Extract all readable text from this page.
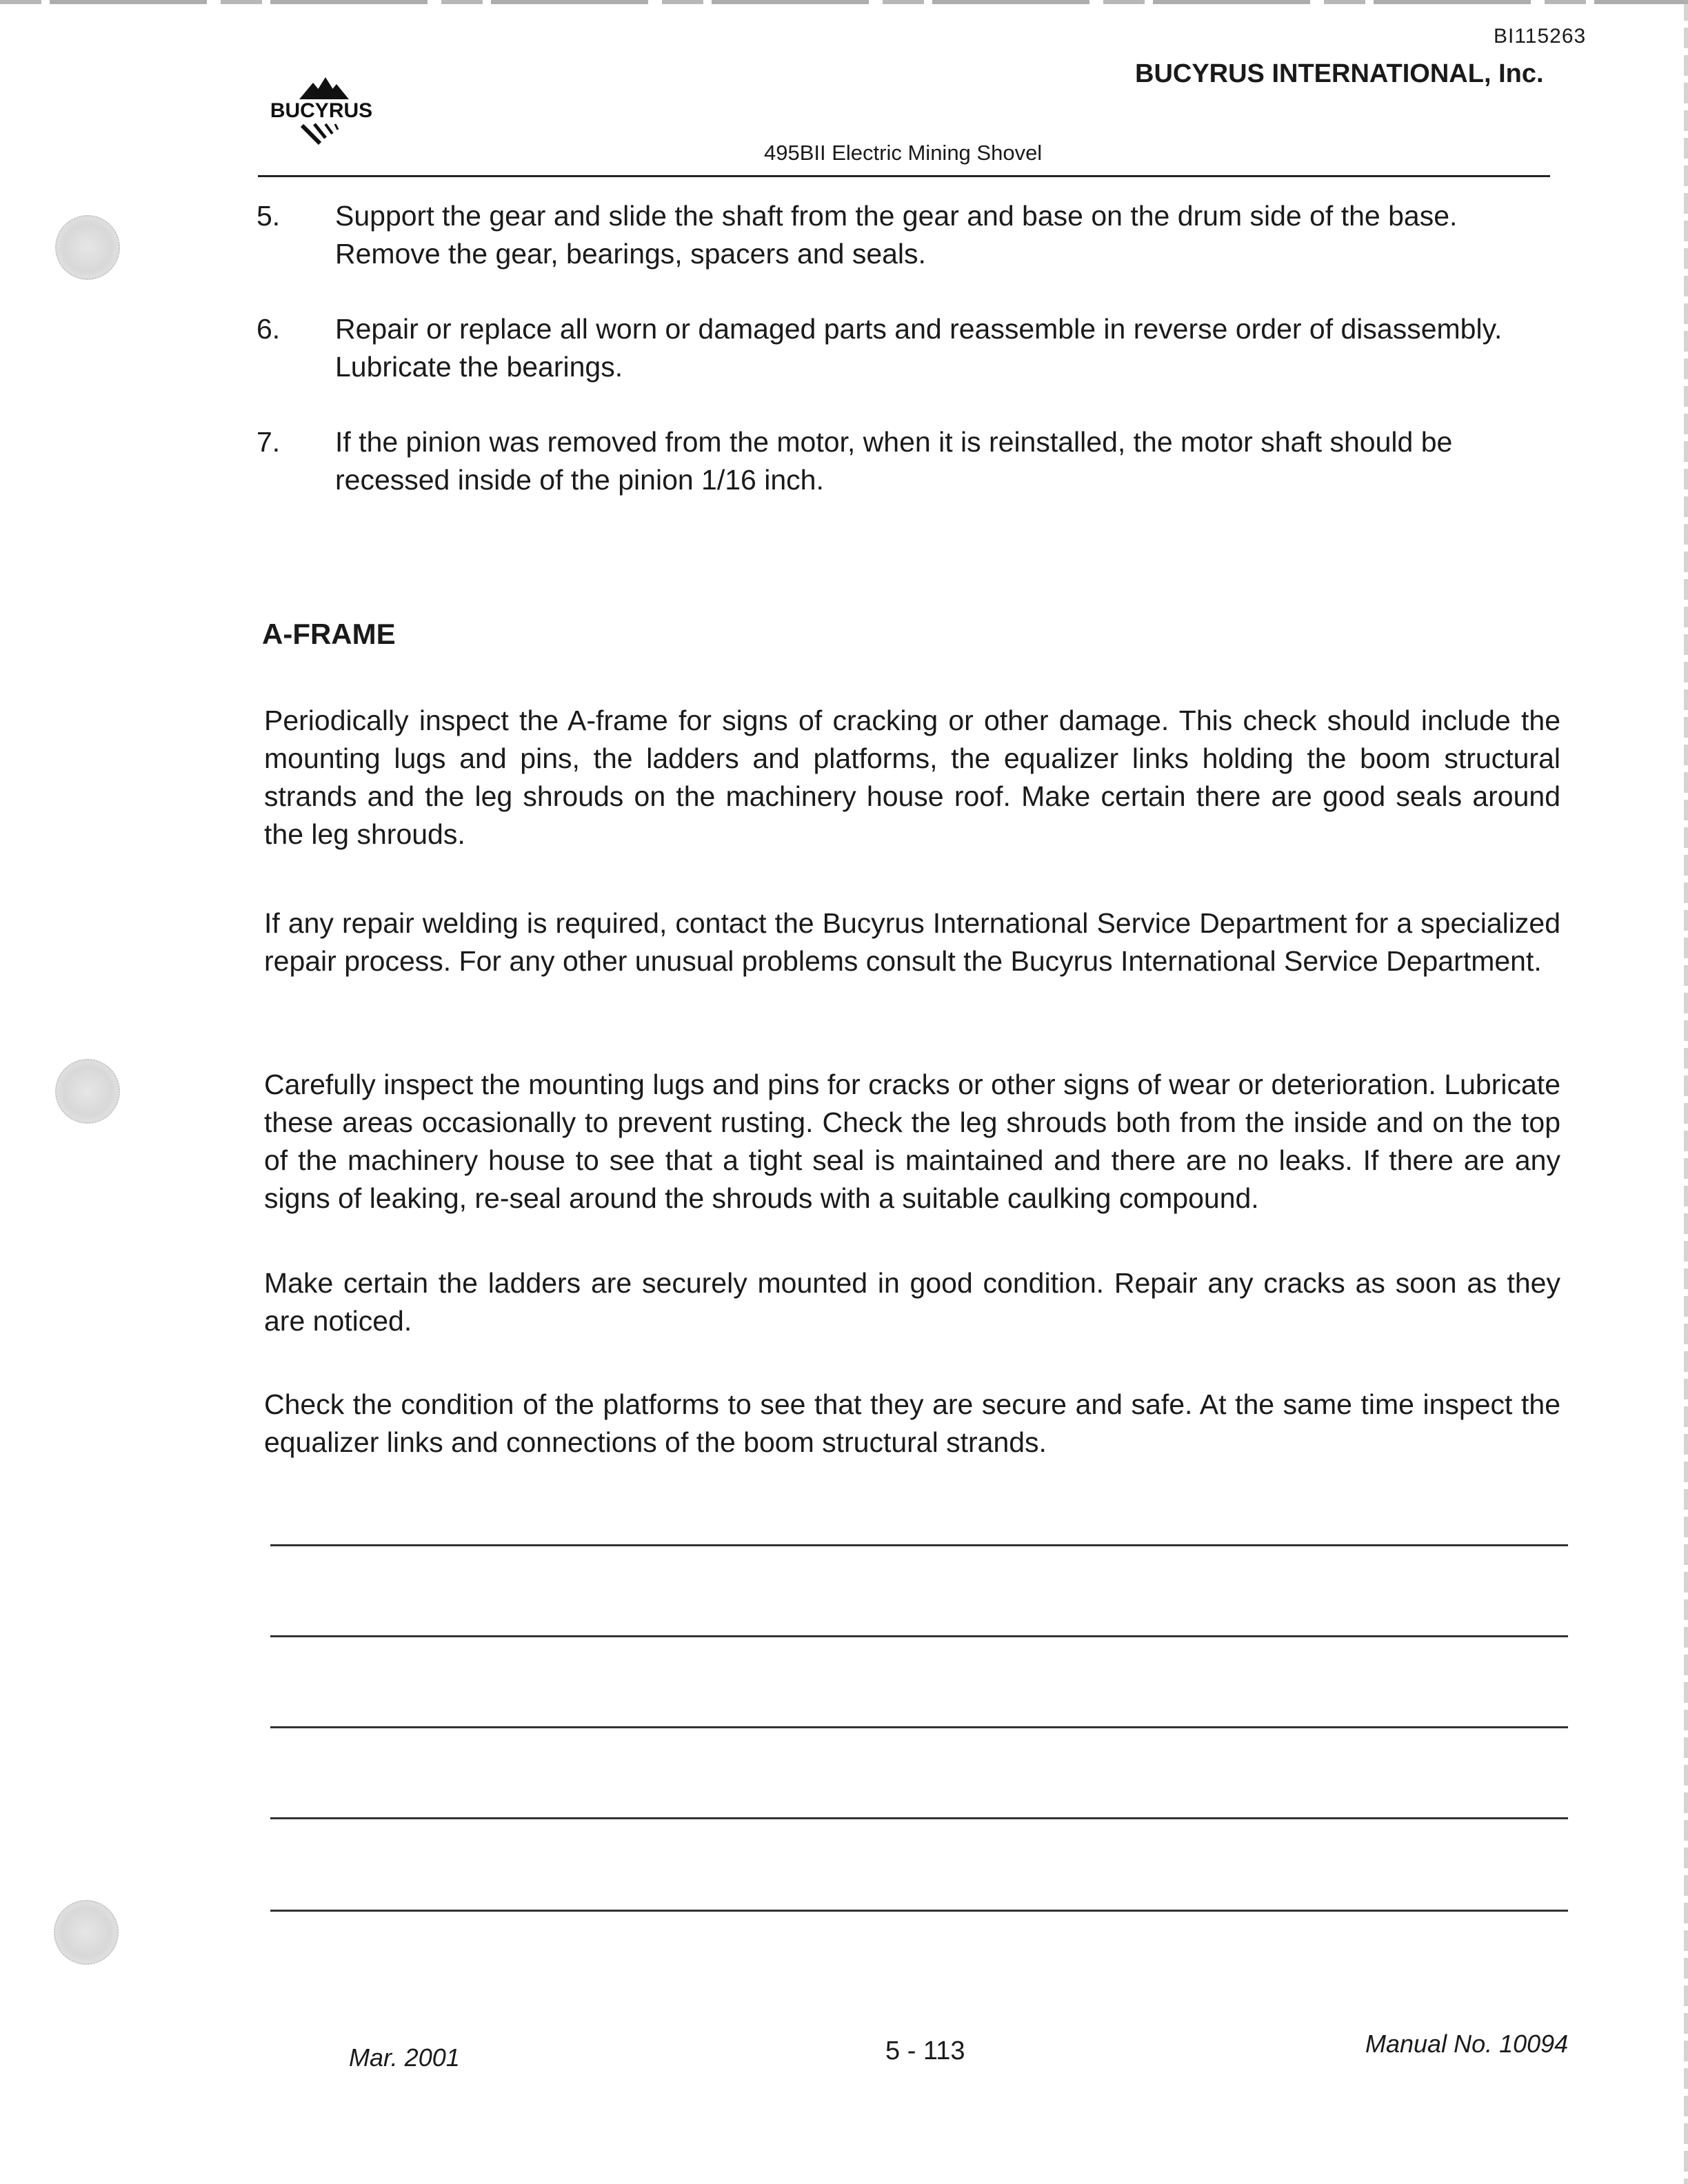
BI115263
BUCYRUS INTERNATIONAL, Inc.
BUCYRUS
495BII Electric Mining Shovel
5. Support the gear and slide the shaft from the gear and base on the drum side of the base. Remove the gear, bearings, spacers and seals.
6. Repair or replace all worn or damaged parts and reassemble in reverse order of disassembly. Lubricate the bearings.
7. If the pinion was removed from the motor, when it is reinstalled, the motor shaft should be recessed inside of the pinion 1/16 inch.
A-FRAME
Periodically inspect the A-frame for signs of cracking or other damage. This check should include the mounting lugs and pins, the ladders and platforms, the equalizer links holding the boom structural strands and the leg shrouds on the machinery house roof. Make certain there are good seals around the leg shrouds.
If any repair welding is required, contact the Bucyrus International Service Department for a specialized repair process. For any other unusual problems consult the Bucyrus International Service Department.
Carefully inspect the mounting lugs and pins for cracks or other signs of wear or deterioration. Lubricate these areas occasionally to prevent rusting. Check the leg shrouds both from the inside and on the top of the machinery house to see that a tight seal is maintained and there are no leaks. If there are any signs of leaking, re-seal around the shrouds with a suitable caulking compound.
Make certain the ladders are securely mounted in good condition. Repair any cracks as soon as they are noticed.
Check the condition of the platforms to see that they are secure and safe. At the same time inspect the equalizer links and connections of the boom structural strands.
Mar. 2001	5 - 113	Manual No. 10094
